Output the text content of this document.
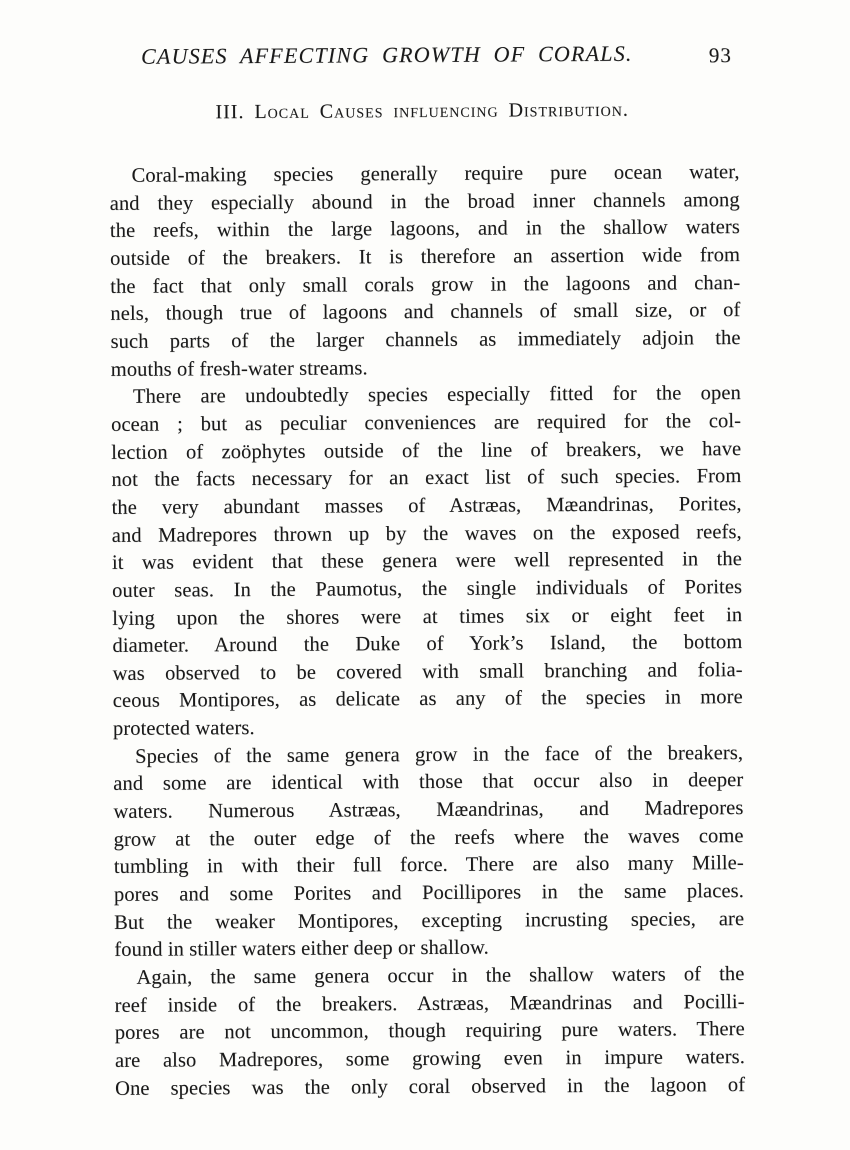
CAUSES AFFECTING GROWTH OF CORALS.	93
III. Local Causes influencing Distribution.
Coral-making species generally require pure ocean water,
and they especially abound in the broad inner channels among
the reefs, within the large lagoons, and in the shallow waters
outside of the breakers. It is therefore an assertion wide from
the fact that only small corals grow in the lagoons and chan-
nels, though true of lagoons and channels of small size, or of
such parts of the larger channels as immediately adjoin the
mouths of fresh-water streams.
There are undoubtedly species especially fitted for the open
ocean ; but as peculiar conveniences are required for the col-
lection of zoöphytes outside of the line of breakers, we have
not the facts necessary for an exact list of such species. From
the very abundant masses of Astræas, Mæandrinas, Porites,
and Madrepores thrown up by the waves on the exposed reefs,
it was evident that these genera were well represented in the
outer seas. In the Paumotus, the single individuals of Porites
lying upon the shores were at times six or eight feet in
diameter. Around the Duke of York’s Island, the bottom
was observed to be covered with small branching and folia-
ceous Montipores, as delicate as any of the species in more
protected waters.
Species of the same genera grow in the face of the breakers,
and some are identical with those that occur also in deeper
waters. Numerous Astræas, Mæandrinas, and Madrepores
grow at the outer edge of the reefs where the waves come
tumbling in with their full force. There are also many Mille-
pores and some Porites and Pocillipores in the same places.
But the weaker Montipores, excepting incrusting species, are
found in stiller waters either deep or shallow.
Again, the same genera occur in the shallow waters of the
reef inside of the breakers. Astræas, Mæandrinas and Pocilli-
pores are not uncommon, though requiring pure waters. There
are also Madrepores, some growing even in impure waters.
One species was the only coral observed in the lagoon of
